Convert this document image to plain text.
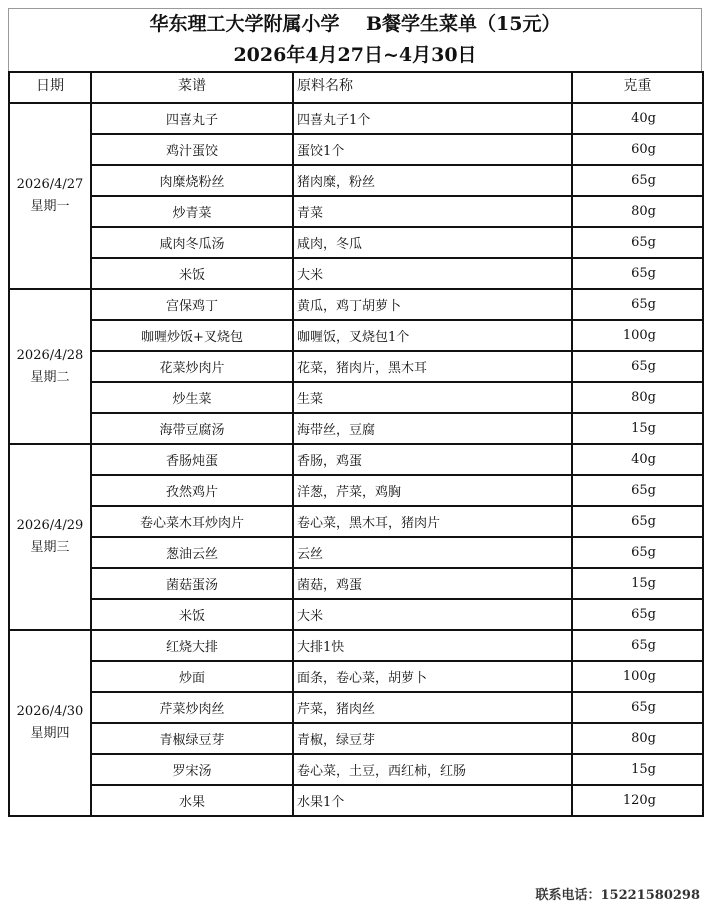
华东理工大学附属小学    B餐学生菜单（15元）
2026年4月27日~4月30日
日期	菜谱	原料名称	克重

2026/4/27
星期一	四喜丸子	四喜丸子1个	40g
	鸡汁蛋饺	蛋饺1个	60g
	肉糜烧粉丝	猪肉糜，粉丝	65g
	炒青菜	青菜	80g
	咸肉冬瓜汤	咸肉，冬瓜	65g
	米饭	大米	65g

2026/4/28
星期二	宫保鸡丁	黄瓜，鸡丁胡萝卜	65g
	咖喱炒饭+叉烧包	咖喱饭，叉烧包1个	100g
	花菜炒肉片	花菜，猪肉片，黑木耳	65g
	炒生菜	生菜	80g
	海带豆腐汤	海带丝，豆腐	15g

2026/4/29
星期三	香肠炖蛋	香肠，鸡蛋	40g
	孜然鸡片	洋葱，芹菜，鸡胸	65g
	卷心菜木耳炒肉片	卷心菜，黑木耳，猪肉片	65g
	葱油云丝	云丝	65g
	菌菇蛋汤	菌菇，鸡蛋	15g
	米饭	大米	65g

2026/4/30
星期四	红烧大排	大排1快	65g
	炒面	面条，卷心菜，胡萝卜	100g
	芹菜炒肉丝	芹菜，猪肉丝	65g
	青椒绿豆芽	青椒，绿豆芽	80g
	罗宋汤	卷心菜，土豆，西红柿，红肠	15g
	水果	水果1个	120g
联系电话：15221580298
